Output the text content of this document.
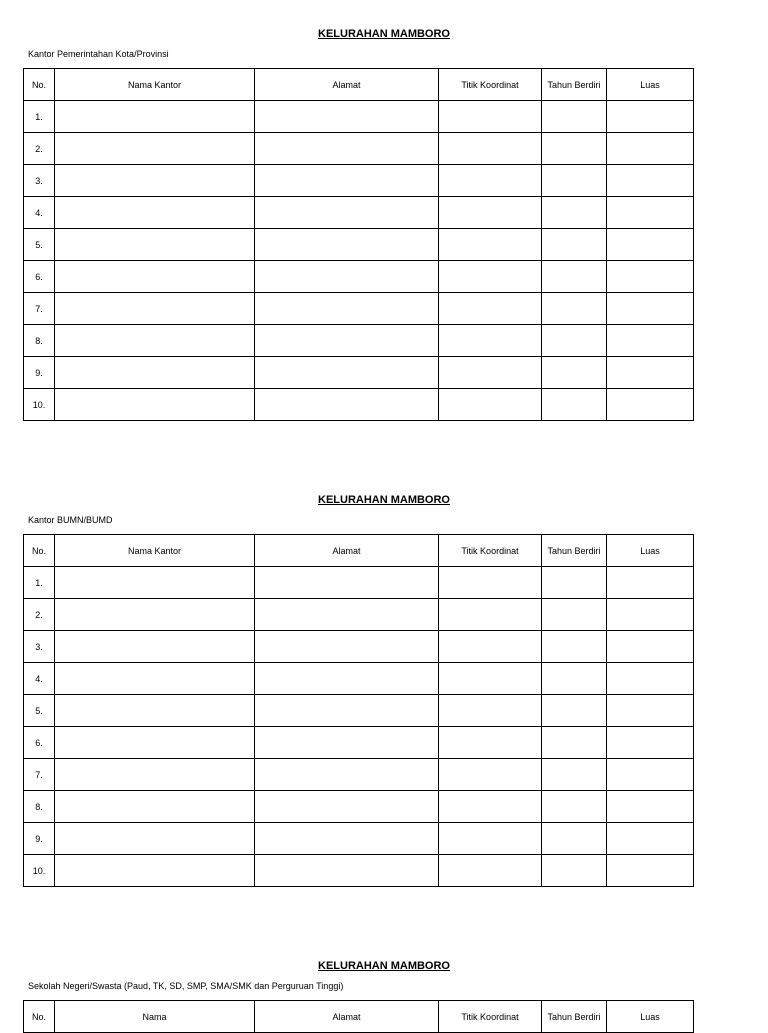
KELURAHAN MAMBORO
Kantor Pemerintahan Kota/Provinsi
No.	Nama Kantor	Alamat	Titik Koordinat	Tahun Berdiri	Luas
1.					
2.					
3.					
4.					
5.					
6.					
7.					
8.					
9.					
10.					
KELURAHAN MAMBORO
Kantor BUMN/BUMD
No.	Nama Kantor	Alamat	Titik Koordinat	Tahun Berdiri	Luas
1.					
2.					
3.					
4.					
5.					
6.					
7.					
8.					
9.					
10.					
KELURAHAN MAMBORO
Sekolah Negeri/Swasta (Paud, TK, SD, SMP, SMA/SMK dan Perguruan Tinggi)
No.	Nama	Alamat	Titik Koordinat	Tahun Berdiri	Luas
